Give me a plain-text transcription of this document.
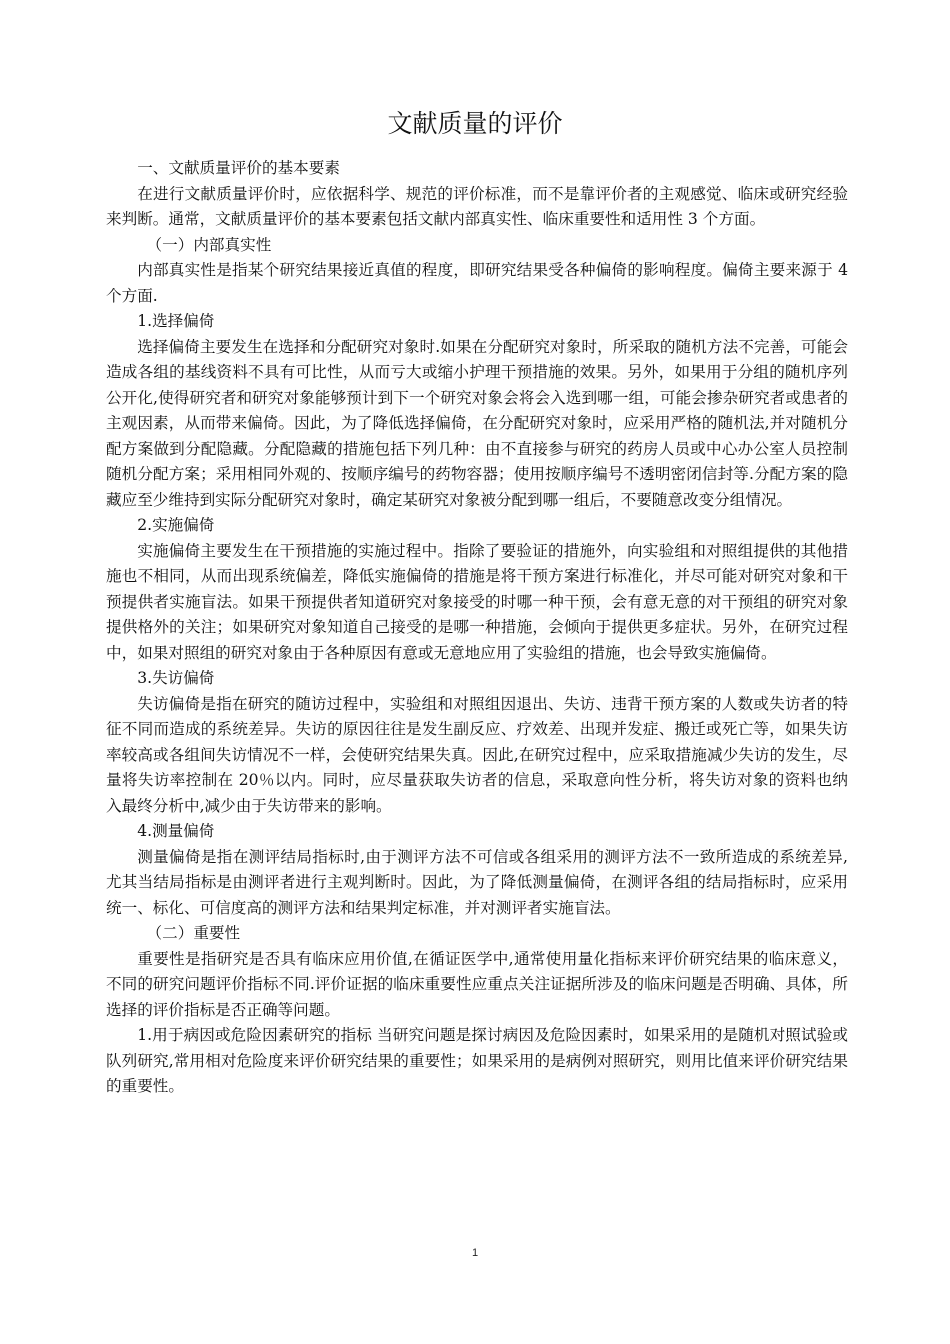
文献质量的评价

一、文献质量评价的基本要素

在进行文献质量评价时，应依据科学、规范的评价标准，而不是靠评价者的主观感觉、临床或研究经验来判断。通常，文献质量评价的基本要素包括文献内部真实性、临床重要性和适用性 3 个方面。

（一）内部真实性

内部真实性是指某个研究结果接近真值的程度，即研究结果受各种偏倚的影响程度。偏倚主要来源于 4 个方面.

1.选择偏倚

选择偏倚主要发生在选择和分配研究对象时.如果在分配研究对象时，所采取的随机方法不完善，可能会造成各组的基线资料不具有可比性，从而亏大或缩小护理干预措施的效果。另外，如果用于分组的随机序列公开化,使得研究者和研究对象能够预计到下一个研究对象会将会入选到哪一组，可能会掺杂研究者或患者的主观因素，从而带来偏倚。因此，为了降低选择偏倚，在分配研究对象时，应采用严格的随机法,并对随机分配方案做到分配隐藏。分配隐藏的措施包括下列几种：由不直接参与研究的药房人员或中心办公室人员控制随机分配方案；采用相同外观的、按顺序编号的药物容器；使用按顺序编号不透明密闭信封等.分配方案的隐藏应至少维持到实际分配研究对象时，确定某研究对象被分配到哪一组后，不要随意改变分组情况。

2.实施偏倚

实施偏倚主要发生在干预措施的实施过程中。指除了要验证的措施外，向实验组和对照组提供的其他措施也不相同，从而出现系统偏差，降低实施偏倚的措施是将干预方案进行标准化，并尽可能对研究对象和干预提供者实施盲法。如果干预提供者知道研究对象接受的时哪一种干预，会有意无意的对干预组的研究对象提供格外的关注；如果研究对象知道自己接受的是哪一种措施，会倾向于提供更多症状。另外，在研究过程中，如果对照组的研究对象由于各种原因有意或无意地应用了实验组的措施，也会导致实施偏倚。

3.失访偏倚

失访偏倚是指在研究的随访过程中，实验组和对照组因退出、失访、违背干预方案的人数或失访者的特征不同而造成的系统差异。失访的原因往往是发生副反应、疗效差、出现并发症、搬迁或死亡等，如果失访率较高或各组间失访情况不一样，会使研究结果失真。因此,在研究过程中，应采取措施减少失访的发生，尽量将失访率控制在 20％以内。同时，应尽量获取失访者的信息，采取意向性分析，将失访对象的资料也纳入最终分析中,减少由于失访带来的影响。

4.测量偏倚

测量偏倚是指在测评结局指标时,由于测评方法不可信或各组采用的测评方法不一致所造成的系统差异,尤其当结局指标是由测评者进行主观判断时。因此，为了降低测量偏倚，在测评各组的结局指标时，应采用统一、标化、可信度高的测评方法和结果判定标准，并对测评者实施盲法。

（二）重要性

重要性是指研究是否具有临床应用价值,在循证医学中,通常使用量化指标来评价研究结果的临床意义，不同的研究问题评价指标不同.评价证据的临床重要性应重点关注证据所涉及的临床问题是否明确、具体，所选择的评价指标是否正确等问题。

1.用于病因或危险因素研究的指标 当研究问题是探讨病因及危险因素时，如果采用的是随机对照试验或队列研究,常用相对危险度来评价研究结果的重要性；如果采用的是病例对照研究，则用比值来评价研究结果的重要性。

1
